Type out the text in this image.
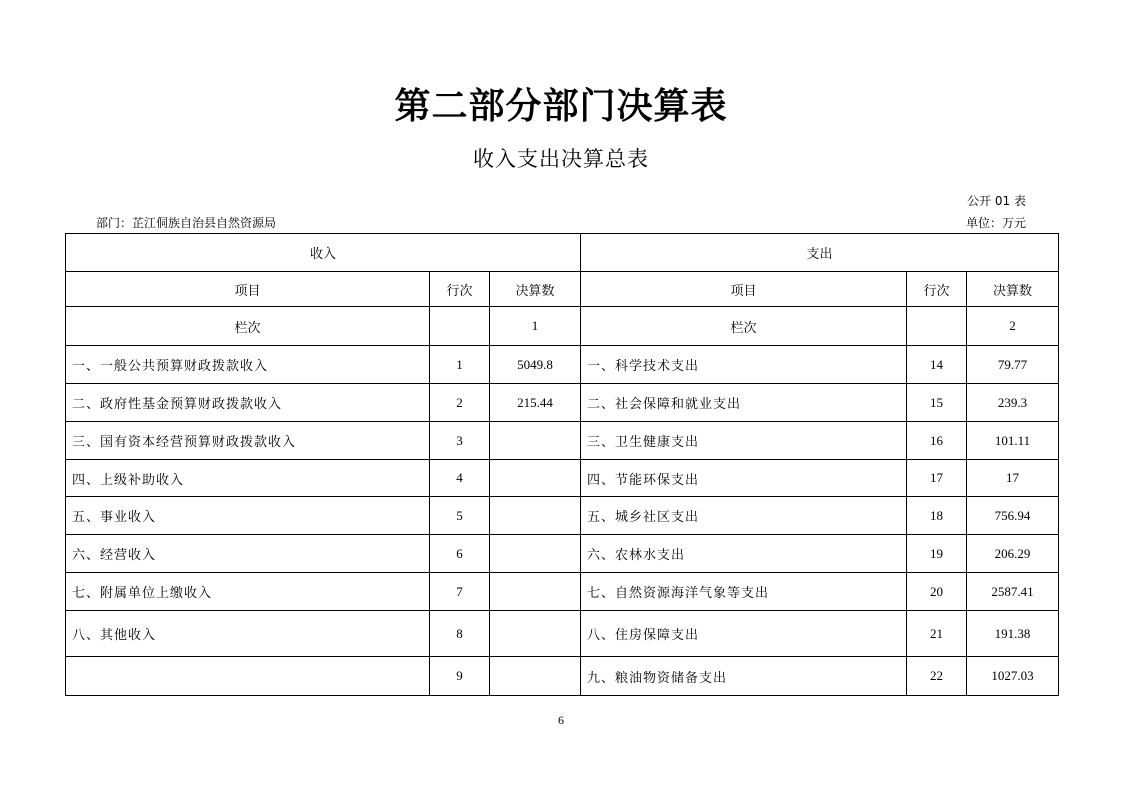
第二部分部门决算表
收入支出决算总表
公开 01 表
部门：芷江侗族自治县自然资源局	单位：万元
收入			支出		
项目	行次	决算数	项目	行次	决算数
栏次		1	栏次		2
一、一般公共预算财政拨款收入	1	5049.8	一、科学技术支出	14	79.77
二、政府性基金预算财政拨款收入	2	215.44	二、社会保障和就业支出	15	239.3
三、国有资本经营预算财政拨款收入	3		三、卫生健康支出	16	101.11
四、上级补助收入	4		四、节能环保支出	17	17
五、事业收入	5		五、城乡社区支出	18	756.94
六、经营收入	6		六、农林水支出	19	206.29
七、附属单位上缴收入	7		七、自然资源海洋气象等支出	20	2587.41
八、其他收入	8		八、住房保障支出	21	191.38
	9		九、粮油物资储备支出	22	1027.03
6
